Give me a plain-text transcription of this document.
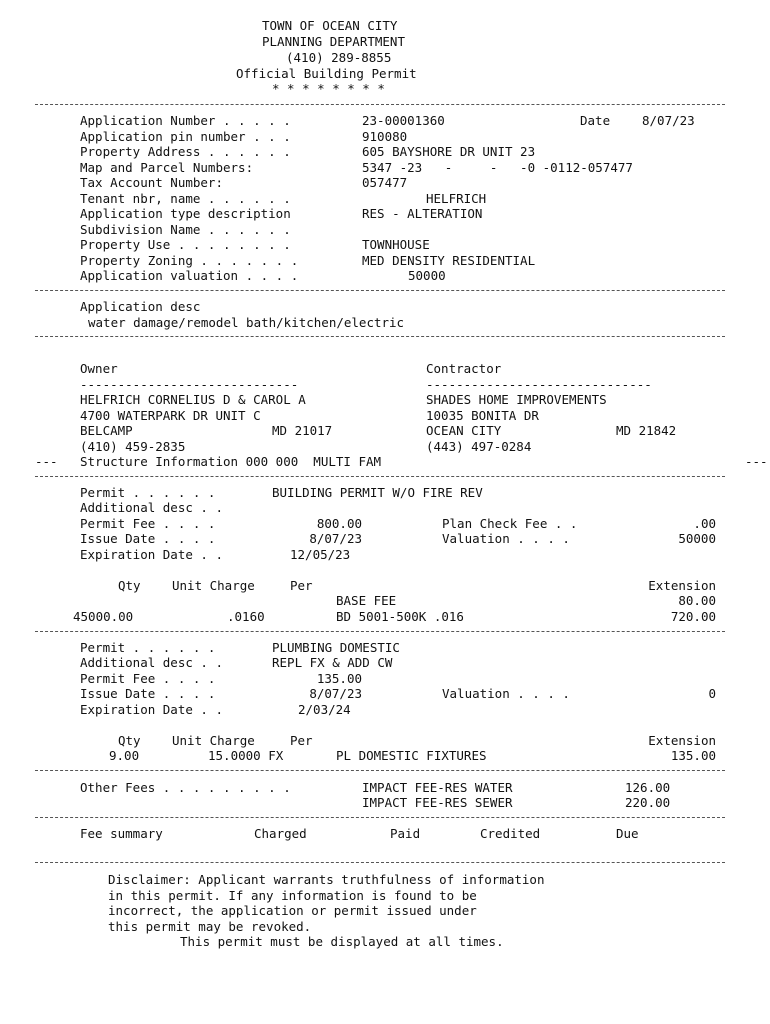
TOWN OF OCEAN CITY
PLANNING DEPARTMENT
(410) 289-8855
Official Building Permit
* * * * * * * *
Application Number . . . . .	23-00001360	Date	8/07/23
Application pin number . . .	910080
Property Address . . . . . .	605 BAYSHORE DR UNIT 23
Map and Parcel Numbers:	5347 -23   -     -   -0 -0112-057477
Tax Account Number:	057477
Tenant nbr, name . . . . . .	HELFRICH
Application type description	RES - ALTERATION
Subdivision Name . . . . . .
Property Use . . . . . . . .	TOWNHOUSE
Property Zoning . . . . . . .	MED DENSITY RESIDENTIAL
Application valuation . . . .	50000
Application desc
water damage/remodel bath/kitchen/electric
Owner	Contractor
-----------------------------	------------------------------
HELFRICH CORNELIUS D & CAROL A	SHADES HOME IMPROVEMENTS
4700 WATERPARK DR UNIT C	10035 BONITA DR
BELCAMP	MD 21017	OCEAN CITY	MD 21842
(410) 459-2835	(443) 497-0284
--- Structure Information 000 000  MULTI FAM	---
Permit . . . . . .	BUILDING PERMIT W/O FIRE REV
Additional desc . .
Permit Fee . . . .	800.00	Plan Check Fee . .	.00
Issue Date . . . .	8/07/23	Valuation . . . .	50000
Expiration Date . .	12/05/23
Qty	Unit Charge	Per	Extension
BASE FEE	80.00
45000.00	.0160	BD 5001-500K .016	720.00
Permit . . . . . .	PLUMBING DOMESTIC
Additional desc . .	REPL FX & ADD CW
Permit Fee . . . .	135.00
Issue Date . . . .	8/07/23	Valuation . . . .	0
Expiration Date . .	2/03/24
Qty	Unit Charge	Per	Extension
9.00	15.0000 FX	PL DOMESTIC FIXTURES	135.00
Other Fees . . . . . . . . .	IMPACT FEE-RES WATER	126.00
IMPACT FEE-RES SEWER	220.00
Fee summary	Charged	Paid	Credited	Due
Disclaimer: Applicant warrants truthfulness of information
in this permit. If any information is found to be
incorrect, the application or permit issued under
this permit may be revoked.
This permit must be displayed at all times.
